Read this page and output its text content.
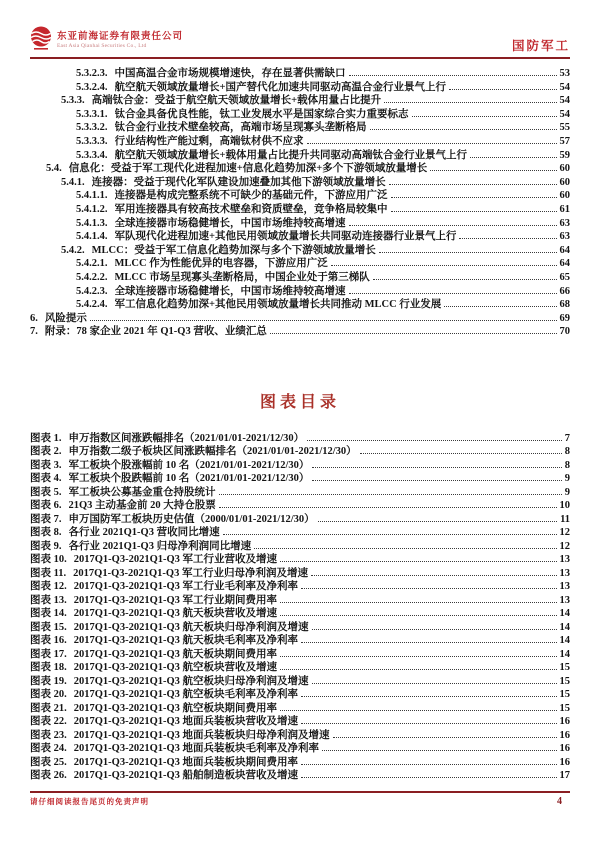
东亚前海证券有限责任公司
East Asia Qianhai Securities Co., Ltd	国防军工
5.3.2.3. 中国高温合金市场规模增速快，存在显著供需缺口	53
5.3.2.4. 航空航天领域放量增长+国产替代化加速共同驱动高温合金行业景气上行	54
5.3.3. 高端钛合金：受益于航空航天领域放量增长+载体用量占比提升	54
5.3.3.1. 钛合金具备优良性能，钛工业发展水平是国家综合实力重要标志	54
5.3.3.2. 钛合金行业技术壁垒较高，高端市场呈现寡头垄断格局	55
5.3.3.3. 行业结构性产能过剩，高端钛材供不应求	57
5.3.3.4. 航空航天领域放量增长+载体用量占比提升共同驱动高端钛合金行业景气上行	59
5.4. 信息化：受益于军工现代化进程加速+信息化趋势加深+多个下游领域放量增长	60
5.4.1. 连接器：受益于现代化军队建设加速叠加其他下游领域放量增长	60
5.4.1.1. 连接器是构成完整系统不可缺少的基础元件，下游应用广泛	60
5.4.1.2. 军用连接器具有较高技术壁垒和资质壁垒，竞争格局较集中	61
5.4.1.3. 全球连接器市场稳健增长，中国市场维持较高增速	63
5.4.1.4. 军队现代化进程加速+其他民用领域放量增长共同驱动连接器行业景气上行	63
5.4.2. MLCC：受益于军工信息化趋势加深与多个下游领域放量增长	64
5.4.2.1. MLCC 作为性能优异的电容器，下游应用广泛	64
5.4.2.2. MLCC 市场呈现寡头垄断格局，中国企业处于第三梯队	65
5.4.2.3. 全球连接器市场稳健增长，中国市场维持较高增速	66
5.4.2.4. 军工信息化趋势加深+其他民用领域放量增长共同推动 MLCC 行业发展	68
6. 风险提示	69
7. 附录：78 家企业 2021 年 Q1-Q3 营收、业绩汇总	70
图表目录
图表 1. 申万指数区间涨跌幅排名（2021/01/01-2021/12/30）	7
图表 2. 申万指数二级子板块区间涨跌幅排名（2021/01/01-2021/12/30）	8
图表 3. 军工板块个股涨幅前 10 名（2021/01/01-2021/12/30）	8
图表 4. 军工板块个股跌幅前 10 名（2021/01/01-2021/12/30）	9
图表 5. 军工板块公募基金重仓持股统计	9
图表 6. 21Q3 主动基金前 20 大持仓股票	10
图表 7. 申万国防军工板块历史估值（2000/01/01-2021/12/30）	11
图表 8. 各行业 2021Q1-Q3 营收同比增速	12
图表 9. 各行业 2021Q1-Q3 归母净利润同比增速	12
图表 10. 2017Q1-Q3-2021Q1-Q3 军工行业营收及增速	13
图表 11. 2017Q1-Q3-2021Q1-Q3 军工行业归母净利润及增速	13
图表 12. 2017Q1-Q3-2021Q1-Q3 军工行业毛利率及净利率	13
图表 13. 2017Q1-Q3-2021Q1-Q3 军工行业期间费用率	13
图表 14. 2017Q1-Q3-2021Q1-Q3 航天板块营收及增速	14
图表 15. 2017Q1-Q3-2021Q1-Q3 航天板块归母净利润及增速	14
图表 16. 2017Q1-Q3-2021Q1-Q3 航天板块毛利率及净利率	14
图表 17. 2017Q1-Q3-2021Q1-Q3 航天板块期间费用率	14
图表 18. 2017Q1-Q3-2021Q1-Q3 航空板块营收及增速	15
图表 19. 2017Q1-Q3-2021Q1-Q3 航空板块归母净利润及增速	15
图表 20. 2017Q1-Q3-2021Q1-Q3 航空板块毛利率及净利率	15
图表 21. 2017Q1-Q3-2021Q1-Q3 航空板块期间费用率	15
图表 22. 2017Q1-Q3-2021Q1-Q3 地面兵装板块营收及增速	16
图表 23. 2017Q1-Q3-2021Q1-Q3 地面兵装板块归母净利润及增速	16
图表 24. 2017Q1-Q3-2021Q1-Q3 地面兵装板块毛利率及净利率	16
图表 25. 2017Q1-Q3-2021Q1-Q3 地面兵装板块期间费用率	16
图表 26. 2017Q1-Q3-2021Q1-Q3 船舶制造板块营收及增速	17
请仔细阅读报告尾页的免责声明	4
